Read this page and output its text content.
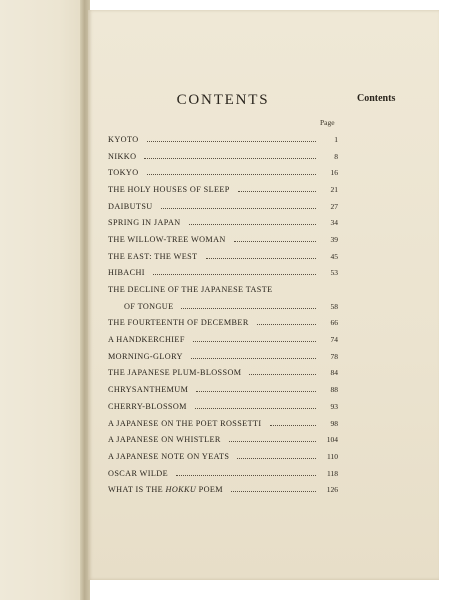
CONTENTS	Contents
Page
KYOTO	1
NIKKO	8
TOKYO	16
THE HOLY HOUSES OF SLEEP	21
DAIBUTSU	27
SPRING IN JAPAN	34
THE WILLOW-TREE WOMAN	39
THE EAST: THE WEST	45
HIBACHI	53
THE DECLINE OF THE JAPANESE TASTE
OF TONGUE	58
THE FOURTEENTH OF DECEMBER	66
A HANDKERCHIEF	74
MORNING-GLORY	78
THE JAPANESE PLUM-BLOSSOM	84
CHRYSANTHEMUM	88
CHERRY-BLOSSOM	93
A JAPANESE ON THE POET ROSSETTI	98
A JAPANESE ON WHISTLER	104
A JAPANESE NOTE ON YEATS	110
OSCAR WILDE	118
WHAT IS THE HOKKU POEM	126
